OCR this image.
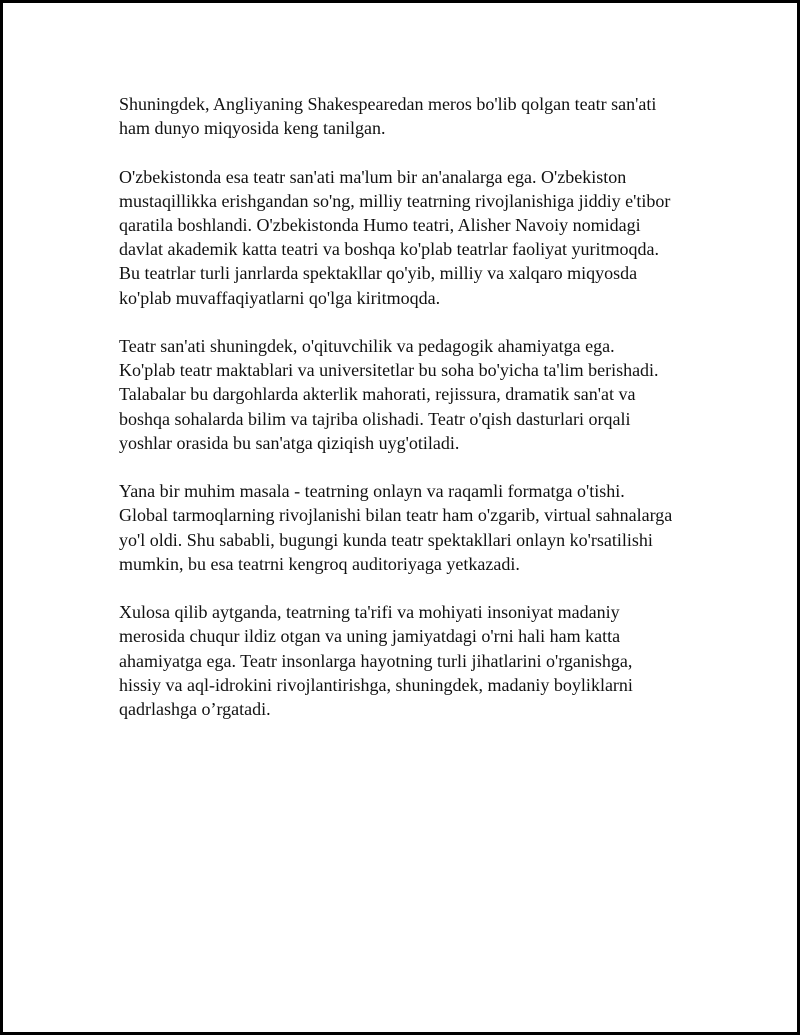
Shuningdek, Angliyaning Shakespearedan meros bo'lib qolgan teatr san'ati
ham dunyo miqyosida keng tanilgan.

O'zbekistonda esa teatr san'ati ma'lum bir an'analarga ega. O'zbekiston
mustaqillikka erishgandan so'ng, milliy teatrning rivojlanishiga jiddiy e'tibor
qaratila boshlandi. O'zbekistonda Humo teatri, Alisher Navoiy nomidagi
davlat akademik katta teatri va boshqa ko'plab teatrlar faoliyat yuritmoqda.
Bu teatrlar turli janrlarda spektakllar qo'yib, milliy va xalqaro miqyosda
ko'plab muvaffaqiyatlarni qo'lga kiritmoqda.

Teatr san'ati shuningdek, o'qituvchilik va pedagogik ahamiyatga ega.
Ko'plab teatr maktablari va universitetlar bu soha bo'yicha ta'lim berishadi.
Talabalar bu dargohlarda akterlik mahorati, rejissura, dramatik san'at va
boshqa sohalarda bilim va tajriba olishadi. Teatr o'qish dasturlari orqali
yoshlar orasida bu san'atga qiziqish uyg'otiladi.

Yana bir muhim masala - teatrning onlayn va raqamli formatga o'tishi.
Global tarmoqlarning rivojlanishi bilan teatr ham o'zgarib, virtual sahnalarga
yo'l oldi. Shu sababli, bugungi kunda teatr spektakllari onlayn ko'rsatilishi
mumkin, bu esa teatrni kengroq auditoriyaga yetkazadi.

Xulosa qilib aytganda, teatrning ta'rifi va mohiyati insoniyat madaniy
merosida chuqur ildiz otgan va uning jamiyatdagi o'rni hali ham katta
ahamiyatga ega. Teatr insonlarga hayotning turli jihatlarini o'rganishga,
hissiy va aql-idrokini rivojlantirishga, shuningdek, madaniy boyliklarni
qadrlashga o’rgatadi.
